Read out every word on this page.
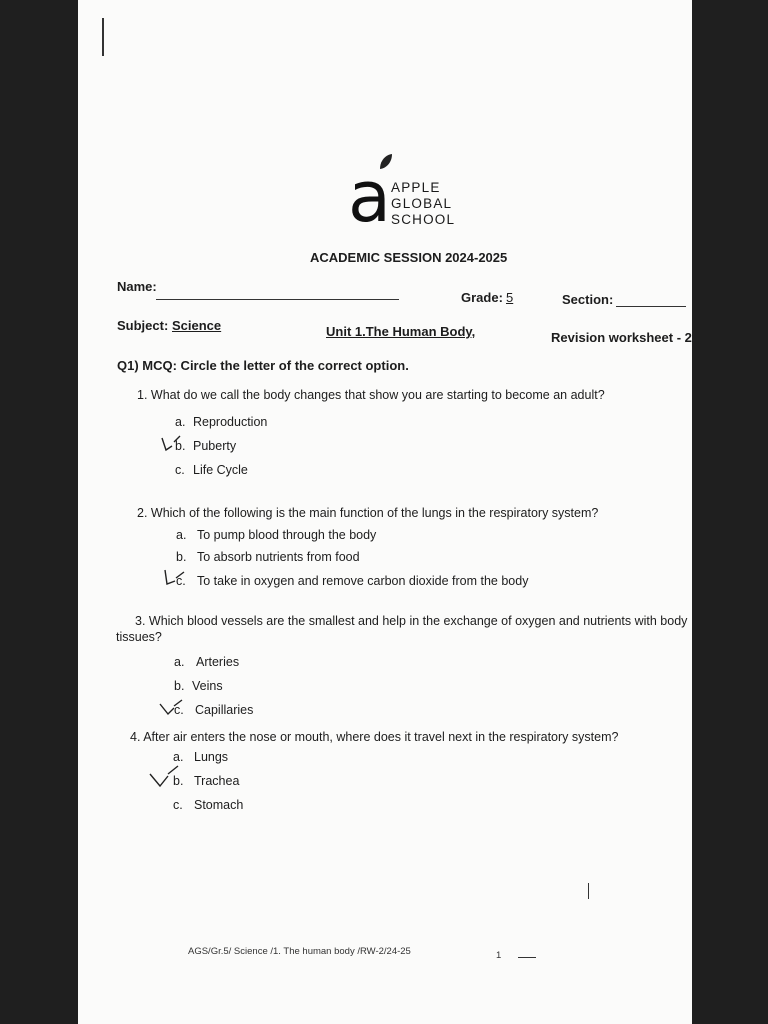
a APPLE
GLOBAL
SCHOOL
ACADEMIC SESSION 2024-2025
Name:
Grade: 5	Section:
Subject: Science	Unit 1.The Human Body,	Revision worksheet - 2
Q1) MCQ: Circle the letter of the correct option.
1. What do we call the body changes that show you are starting to become an adult?
a. Reproduction
b. Puberty
c. Life Cycle
2. Which of the following is the main function of the lungs in the respiratory system?
a. To pump blood through the body
b. To absorb nutrients from food
c. To take in oxygen and remove carbon dioxide from the body
3. Which blood vessels are the smallest and help in the exchange of oxygen and nutrients with body
tissues?
a. Arteries
b. Veins
c. Capillaries
4. After air enters the nose or mouth, where does it travel next in the respiratory system?
a. Lungs
b. Trachea
c. Stomach
AGS/Gr.5/ Science /1. The human body /RW-2/24-25	1
